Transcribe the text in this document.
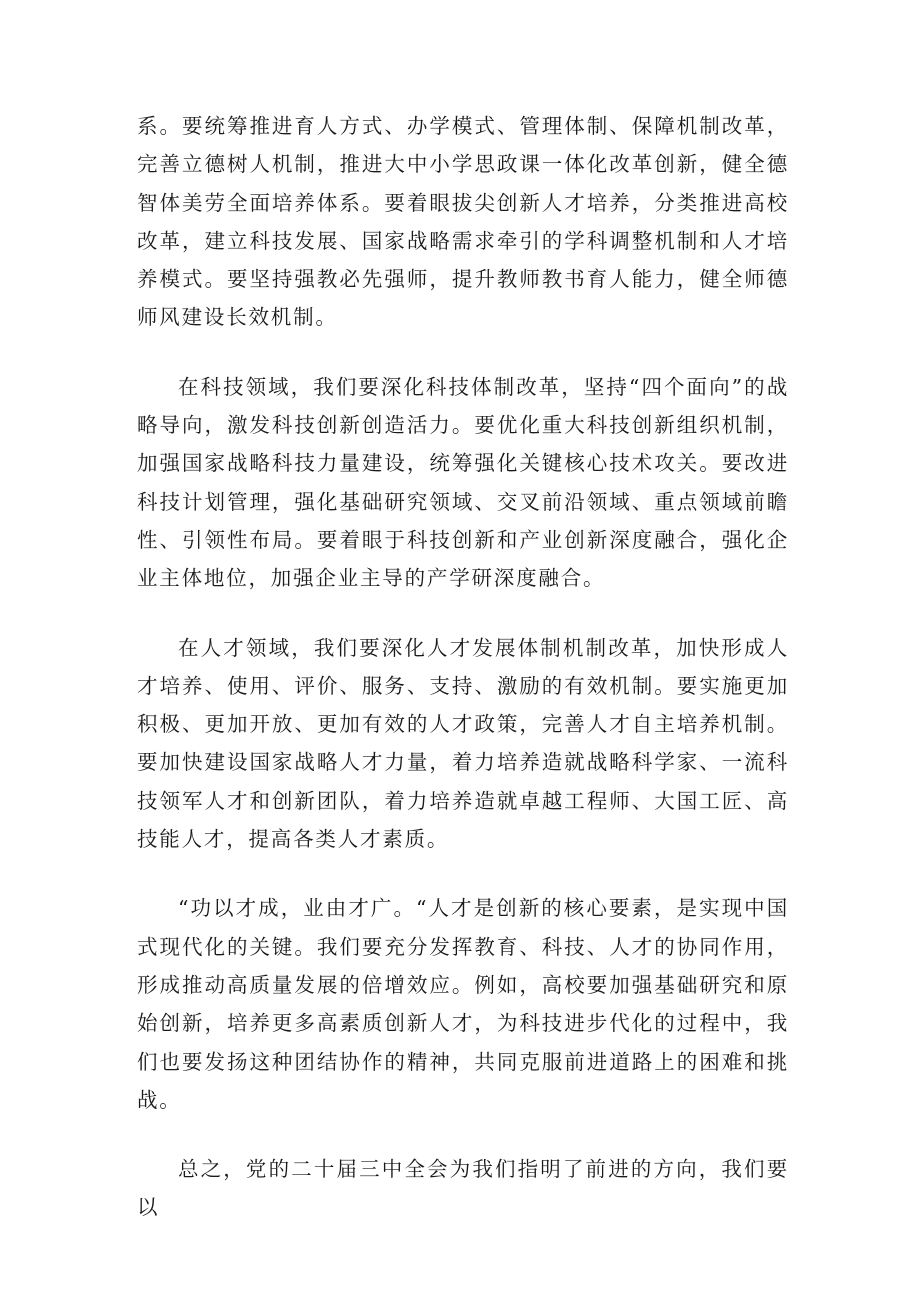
系。要统筹推进育人方式、办学模式、管理体制、保障机制改革，完善立德树人机制，推进大中小学思政课一体化改革创新，健全德智体美劳全面培养体系。要着眼拔尖创新人才培养，分类推进高校改革，建立科技发展、国家战略需求牵引的学科调整机制和人才培养模式。要坚持强教必先强师，提升教师教书育人能力，健全师德师风建设长效机制。

在科技领域，我们要深化科技体制改革，坚持“四个面向”的战略导向，激发科技创新创造活力。要优化重大科技创新组织机制，加强国家战略科技力量建设，统筹强化关键核心技术攻关。要改进科技计划管理，强化基础研究领域、交叉前沿领域、重点领域前瞻性、引领性布局。要着眼于科技创新和产业创新深度融合，强化企业主体地位，加强企业主导的产学研深度融合。

在人才领域，我们要深化人才发展体制机制改革，加快形成人才培养、使用、评价、服务、支持、激励的有效机制。要实施更加积极、更加开放、更加有效的人才政策，完善人才自主培养机制。要加快建设国家战略人才力量，着力培养造就战略科学家、一流科技领军人才和创新团队，着力培养造就卓越工程师、大国工匠、高技能人才，提高各类人才素质。

“功以才成，业由才广。“人才是创新的核心要素，是实现中国式现代化的关键。我们要充分发挥教育、科技、人才的协同作用，形成推动高质量发展的倍增效应。例如，高校要加强基础研究和原始创新，培养更多高素质创新人才，为科技进步代化的过程中，我们也要发扬这种团结协作的精神，共同克服前进道路上的困难和挑战。

总之，党的二十届三中全会为我们指明了前进的方向，我们要以
